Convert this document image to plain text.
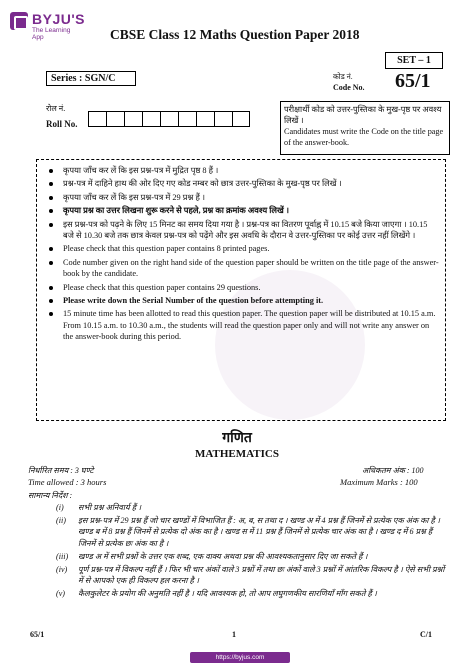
BYJU'S
The Learning App	CBSE Class 12 Maths Question Paper 2018
SET – 1
Series : SGN/C	कोड नं.
Code No. 65/1
रोल नं.
Roll No.
परीक्षार्थी कोड को उत्तर-पुस्तिका के मुख-पृष्ठ पर अवश्य लिखें ।
Candidates must write the Code on the title page of the answer-book.
कृपया जाँच कर लें कि इस प्रश्न-पत्र में मुद्रित पृष्ठ 8 हैं ।
प्रश्न-पत्र में दाहिने हाथ की ओर दिए गए कोड नम्बर को छात्र उत्तर-पुस्तिका के मुख-पृष्ठ पर लिखें ।
कृपया जाँच कर लें कि इस प्रश्न-पत्र में 29 प्रश्न हैं ।
कृपया प्रश्न का उत्तर लिखना शुरू करने से पहले, प्रश्न का क्रमांक अवश्य लिखें ।
इस प्रश्न-पत्र को पढ़ने के लिए 15 मिनट का समय दिया गया है । प्रश्न-पत्र का वितरण पूर्वाह्न में 10.15 बजे किया जाएगा । 10.15 बजे से 10.30 बजे तक छात्र केवल प्रश्न-पत्र को पढ़ेंगे और इस अवधि के दौरान वे उत्तर-पुस्तिका पर कोई उत्तर नहीं लिखेंगे ।
Please check that this question paper contains 8 printed pages.
Code number given on the right hand side of the question paper should be written on the title page of the answer-book by the candidate.
Please check that this question paper contains 29 questions.
Please write down the Serial Number of the question before attempting it.
15 minute time has been allotted to read this question paper. The question paper will be distributed at 10.15 a.m. From 10.15 a.m. to 10.30 a.m., the students will read the question paper only and will not write any answer on the answer-book during this period.
गणित
MATHEMATICS
निर्धारित समय : 3 घण्टे
Time allowed : 3 hours
अधिकतम अंक : 100
Maximum Marks : 100
सामान्य निर्देश :
(i) सभी प्रश्न अनिवार्य हैं ।
(ii) इस प्रश्न-पत्र में 29 प्रश्न हैं जो चार खण्डों में विभाजित हैं : अ, ब, स तथा द । खण्ड अ में 4 प्रश्न हैं जिनमें से प्रत्येक एक अंक का है । खण्ड ब में 8 प्रश्न हैं जिनमें से प्रत्येक दो अंक का है । खण्ड स में 11 प्रश्न हैं जिनमें से प्रत्येक चार अंक का है । खण्ड द में 6 प्रश्न हैं जिनमें से प्रत्येक छः अंक का है ।
(iii) खण्ड अ में सभी प्रश्नों के उत्तर एक शब्द, एक वाक्य अथवा प्रश्न की आवश्यकतानुसार दिए जा सकते हैं ।
(iv) पूर्ण प्रश्न-पत्र में विकल्प नहीं हैं । फिर भी चार अंकों वाले 3 प्रश्नों में तथा छः अंकों वाले 3 प्रश्नों में आंतरिक विकल्प है । ऐसे सभी प्रश्नों में से आपको एक ही विकल्प हल करना है ।
(v) कैलकुलेटर के प्रयोग की अनुमति नहीं है । यदि आवश्यक हो, तो आप लघुगणकीय सारणियाँ माँग सकते हैं ।
65/1	1	C/1
https://byjus.com
